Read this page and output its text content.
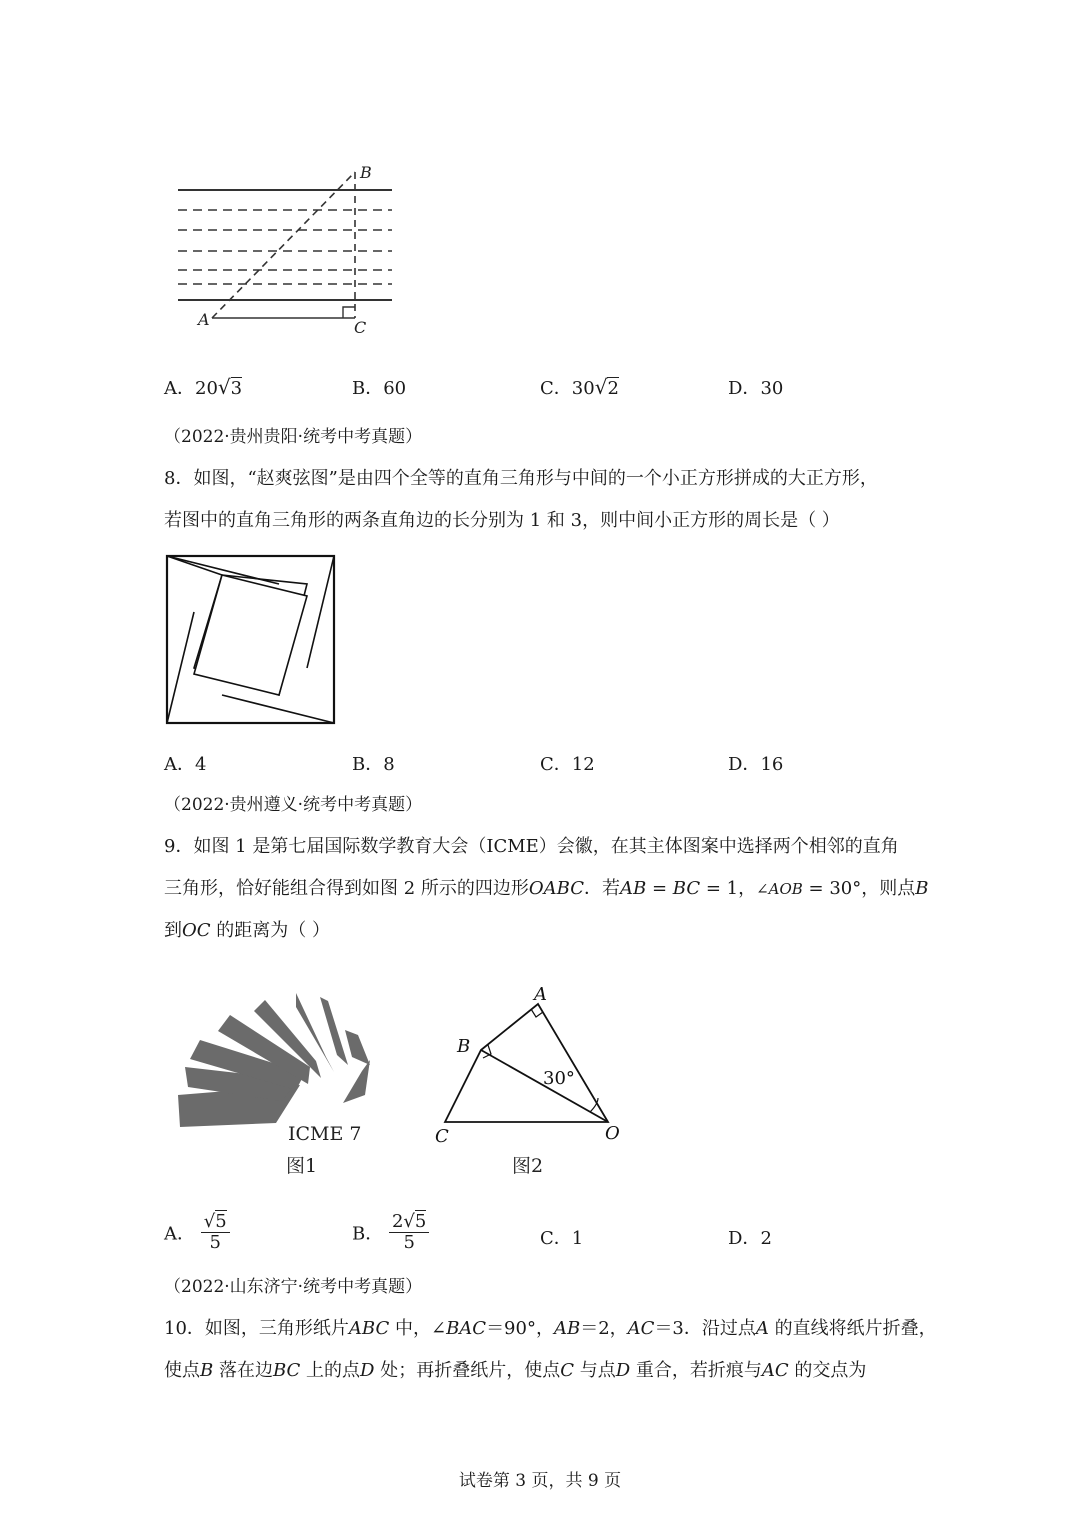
B
A	C
A．20√3	B．60	C．30√2	D．30
（2022·贵州贵阳·统考中考真题）
8．如图，“赵爽弦图”是由四个全等的直角三角形与中间的一个小正方形拼成的大正方形，
若图中的直角三角形的两条直角边的长分别为 1 和 3，则中间小正方形的周长是（ ）
A．4	B．8	C．12	D．16
（2022·贵州遵义·统考中考真题）
9．如图 1 是第七届国际数学教育大会（ICME）会徽，在其主体图案中选择两个相邻的直角
三角形，恰好能组合得到如图 2 所示的四边形OABC．若AB = BC = 1，∠AOB = 30°，则点B
到OC 的距离为（ ）
ICME 7
图1
30°
A
B
C	O
图2
A． $\frac{√5}{5}$	B． $\frac{2√5}{5}$	C．1	D．2
（2022·山东济宁·统考中考真题）
10．如图，三角形纸片ABC 中，∠BAC＝90°，AB＝2，AC＝3．沿过点A 的直线将纸片折叠，
使点B 落在边BC 上的点D 处；再折叠纸片，使点C 与点D 重合，若折痕与AC 的交点为
试卷第 3 页，共 9 页
